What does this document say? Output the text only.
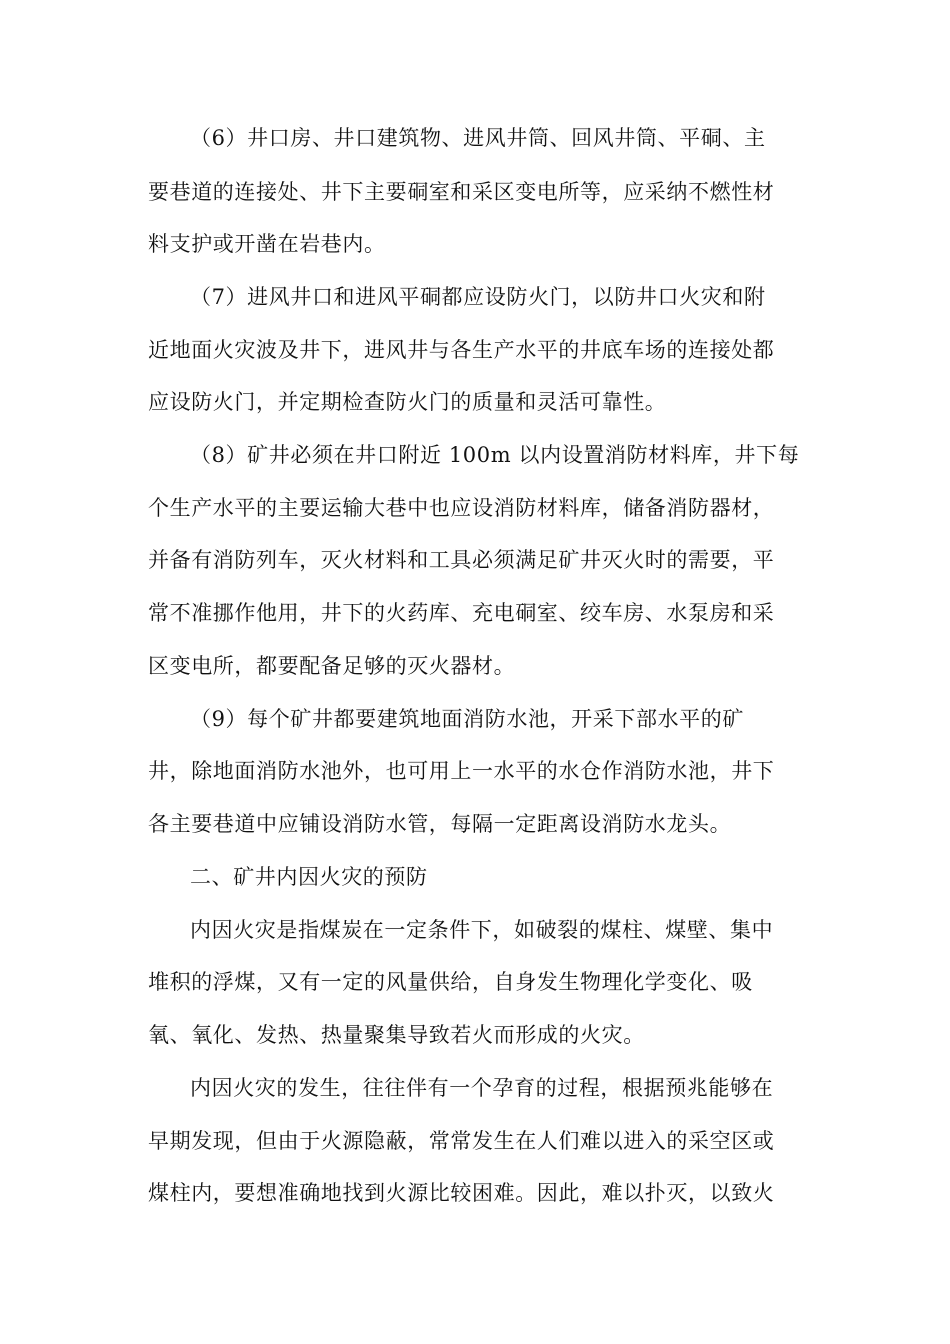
（6）井口房、井口建筑物、进风井筒、回风井筒、平硐、主
要巷道的连接处、井下主要硐室和采区变电所等，应采纳不燃性材
料支护或开凿在岩巷内。
（7）进风井口和进风平硐都应设防火门，以防井口火灾和附
近地面火灾波及井下，进风井与各生产水平的井底车场的连接处都
应设防火门，并定期检查防火门的质量和灵活可靠性。
（8）矿井必须在井口附近 100m 以内设置消防材料库，井下每
个生产水平的主要运输大巷中也应设消防材料库，储备消防器材，
并备有消防列车，灭火材料和工具必须满足矿井灭火时的需要，平
常不准挪作他用，井下的火药库、充电硐室、绞车房、水泵房和采
区变电所，都要配备足够的灭火器材。
（9）每个矿井都要建筑地面消防水池，开采下部水平的矿
井，除地面消防水池外，也可用上一水平的水仓作消防水池，井下
各主要巷道中应铺设消防水管，每隔一定距离设消防水龙头。
二、矿井内因火灾的预防
内因火灾是指煤炭在一定条件下，如破裂的煤柱、煤壁、集中
堆积的浮煤，又有一定的风量供给，自身发生物理化学变化、吸
氧、氧化、发热、热量聚集导致若火而形成的火灾。
内因火灾的发生，往往伴有一个孕育的过程，根据预兆能够在
早期发现，但由于火源隐蔽，常常发生在人们难以进入的采空区或
煤柱内，要想准确地找到火源比较困难。因此，难以扑灭，以致火
